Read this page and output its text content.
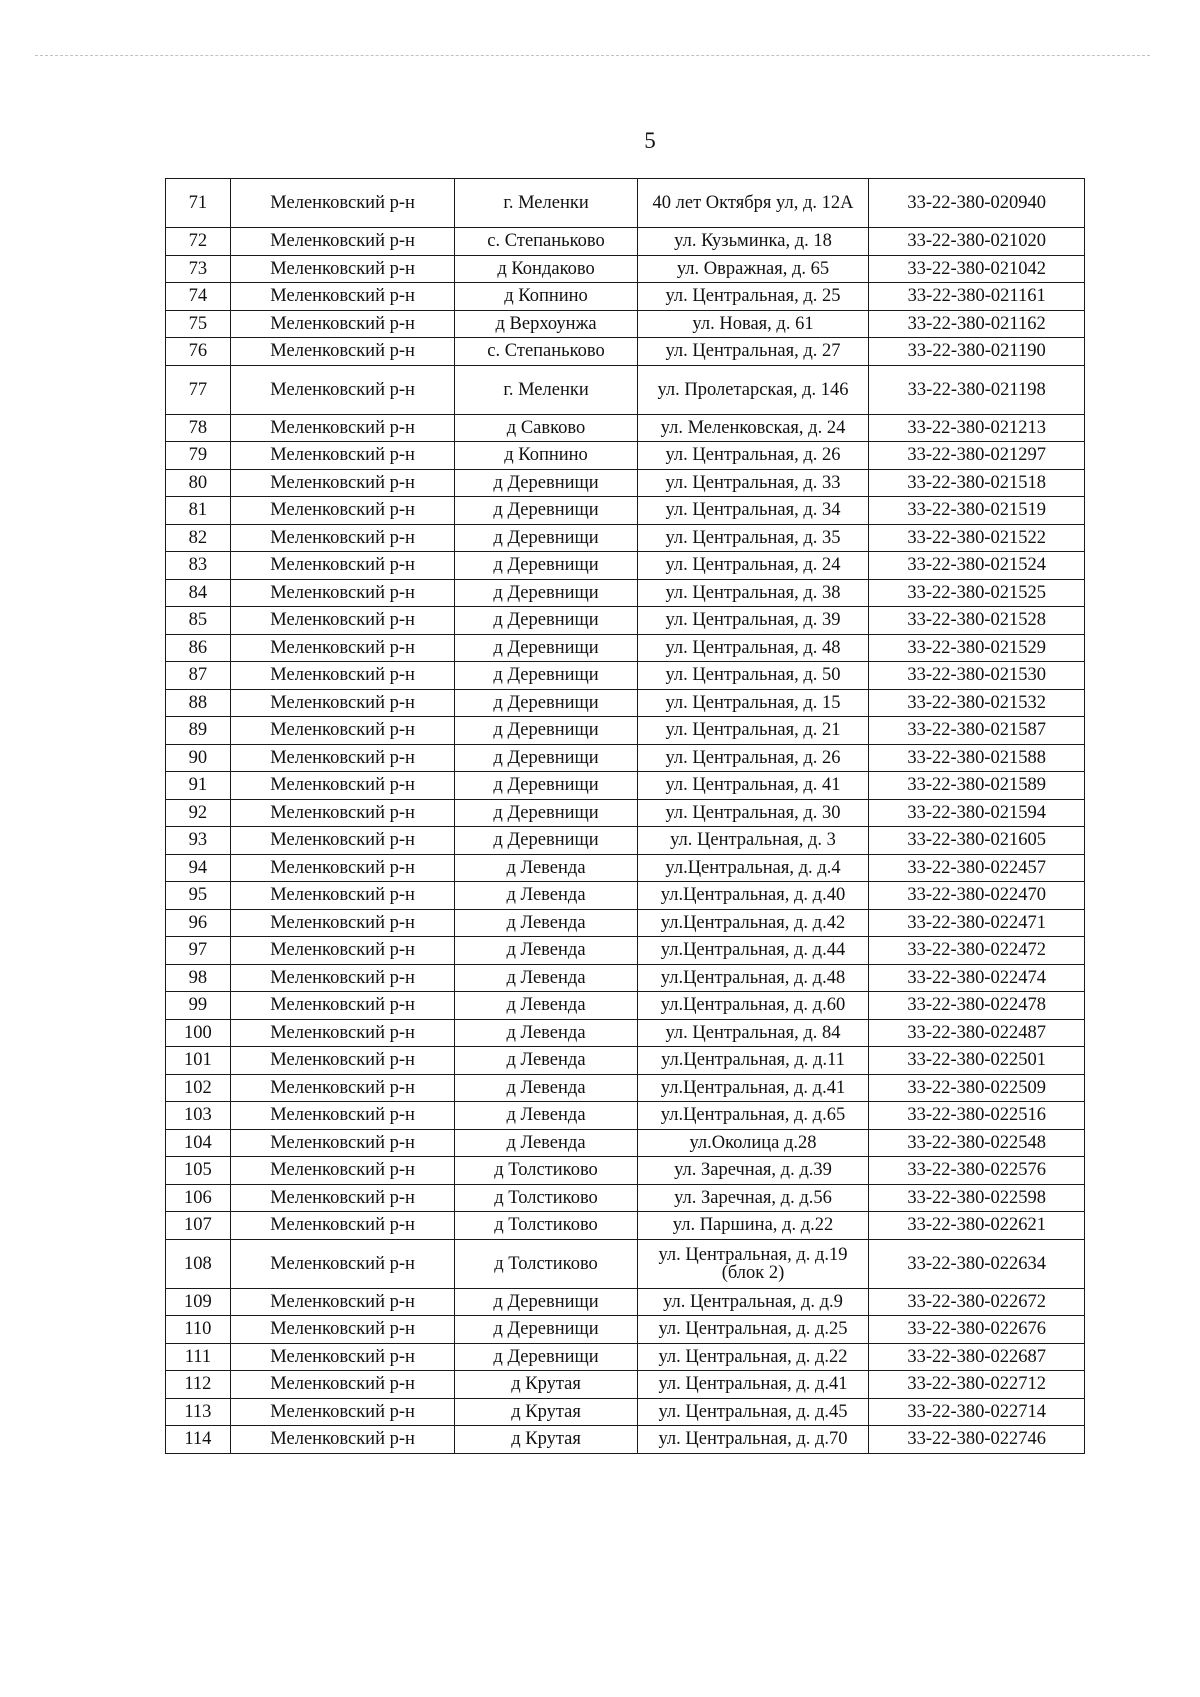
5
71	Меленковский р-н	г. Меленки	40 лет Октября ул, д. 12А	33-22-380-020940
72	Меленковский р-н	с. Степаньково	ул. Кузьминка, д. 18	33-22-380-021020
73	Меленковский р-н	д Кондаково	ул. Овражная, д. 65	33-22-380-021042
74	Меленковский р-н	д Копнино	ул. Центральная, д. 25	33-22-380-021161
75	Меленковский р-н	д Верхоунжа	ул. Новая, д. 61	33-22-380-021162
76	Меленковский р-н	с. Степаньково	ул. Центральная, д. 27	33-22-380-021190
77	Меленковский р-н	г. Меленки	ул. Пролетарская, д. 146	33-22-380-021198
78	Меленковский р-н	д Савково	ул. Меленковская, д. 24	33-22-380-021213
79	Меленковский р-н	д Копнино	ул. Центральная, д. 26	33-22-380-021297
80	Меленковский р-н	д Деревнищи	ул. Центральная, д. 33	33-22-380-021518
81	Меленковский р-н	д Деревнищи	ул. Центральная, д. 34	33-22-380-021519
82	Меленковский р-н	д Деревнищи	ул. Центральная, д. 35	33-22-380-021522
83	Меленковский р-н	д Деревнищи	ул. Центральная, д. 24	33-22-380-021524
84	Меленковский р-н	д Деревнищи	ул. Центральная, д. 38	33-22-380-021525
85	Меленковский р-н	д Деревнищи	ул. Центральная, д. 39	33-22-380-021528
86	Меленковский р-н	д Деревнищи	ул. Центральная, д. 48	33-22-380-021529
87	Меленковский р-н	д Деревнищи	ул. Центральная, д. 50	33-22-380-021530
88	Меленковский р-н	д Деревнищи	ул. Центральная, д. 15	33-22-380-021532
89	Меленковский р-н	д Деревнищи	ул. Центральная, д. 21	33-22-380-021587
90	Меленковский р-н	д Деревнищи	ул. Центральная, д. 26	33-22-380-021588
91	Меленковский р-н	д Деревнищи	ул. Центральная, д. 41	33-22-380-021589
92	Меленковский р-н	д Деревнищи	ул. Центральная, д. 30	33-22-380-021594
93	Меленковский р-н	д Деревнищи	ул. Центральная, д. 3	33-22-380-021605
94	Меленковский р-н	д Левенда	ул.Центральная, д. д.4	33-22-380-022457
95	Меленковский р-н	д Левенда	ул.Центральная, д. д.40	33-22-380-022470
96	Меленковский р-н	д Левенда	ул.Центральная, д. д.42	33-22-380-022471
97	Меленковский р-н	д Левенда	ул.Центральная, д. д.44	33-22-380-022472
98	Меленковский р-н	д Левенда	ул.Центральная, д. д.48	33-22-380-022474
99	Меленковский р-н	д Левенда	ул.Центральная, д. д.60	33-22-380-022478
100	Меленковский р-н	д Левенда	ул. Центральная, д. 84	33-22-380-022487
101	Меленковский р-н	д Левенда	ул.Центральная, д. д.11	33-22-380-022501
102	Меленковский р-н	д Левенда	ул.Центральная, д. д.41	33-22-380-022509
103	Меленковский р-н	д Левенда	ул.Центральная, д. д.65	33-22-380-022516
104	Меленковский р-н	д Левенда	ул.Околица д.28	33-22-380-022548
105	Меленковский р-н	д Толстиково	ул. Заречная, д. д.39	33-22-380-022576
106	Меленковский р-н	д Толстиково	ул. Заречная, д. д.56	33-22-380-022598
107	Меленковский р-н	д Толстиково	ул. Паршина, д. д.22	33-22-380-022621
108	Меленковский р-н	д Толстиково	ул. Центральная, д. д.19 (блок 2)	33-22-380-022634
109	Меленковский р-н	д Деревнищи	ул. Центральная, д. д.9	33-22-380-022672
110	Меленковский р-н	д Деревнищи	ул. Центральная, д. д.25	33-22-380-022676
111	Меленковский р-н	д Деревнищи	ул. Центральная, д. д.22	33-22-380-022687
112	Меленковский р-н	д Крутая	ул. Центральная, д. д.41	33-22-380-022712
113	Меленковский р-н	д Крутая	ул. Центральная, д. д.45	33-22-380-022714
114	Меленковский р-н	д Крутая	ул. Центральная, д. д.70	33-22-380-022746
